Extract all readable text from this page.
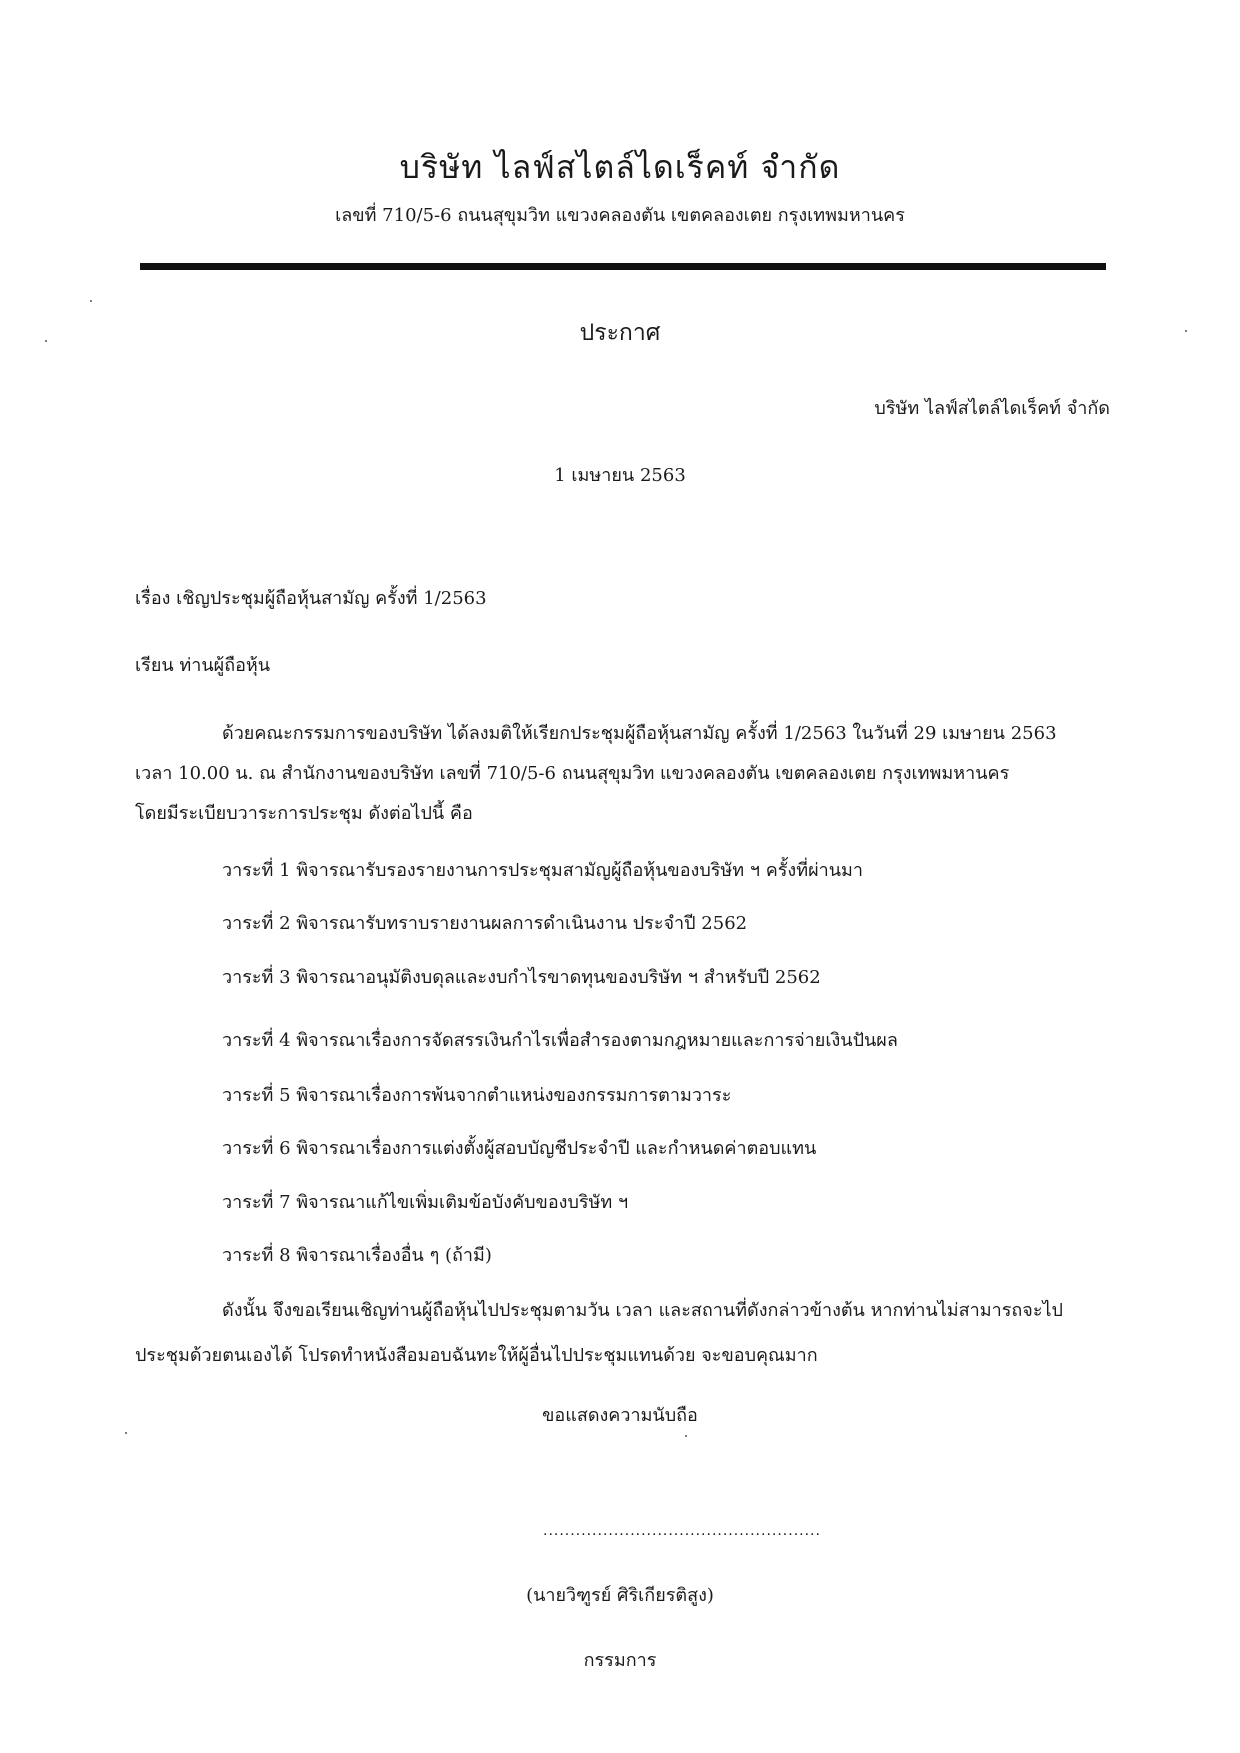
บริษัท ไลฟ์สไตล์ไดเร็คท์ จำกัด
เลขที่ 710/5-6 ถนนสุขุมวิท แขวงคลองตัน เขตคลองเตย กรุงเทพมหานคร
ประกาศ
บริษัท ไลฟ์สไตล์ไดเร็คท์ จำกัด
1 เมษายน 2563
เรื่อง เชิญประชุมผู้ถือหุ้นสามัญ ครั้งที่ 1/2563
เรียน ท่านผู้ถือหุ้น
ด้วยคณะกรรมการของบริษัท ได้ลงมติให้เรียกประชุมผู้ถือหุ้นสามัญ ครั้งที่ 1/2563 ในวันที่ 29 เมษายน 2563
เวลา 10.00 น. ณ สำนักงานของบริษัท เลขที่ 710/5-6 ถนนสุขุมวิท แขวงคลองตัน เขตคลองเตย กรุงเทพมหานคร
โดยมีระเบียบวาระการประชุม ดังต่อไปนี้ คือ
วาระที่ 1 พิจารณารับรองรายงานการประชุมสามัญผู้ถือหุ้นของบริษัท ฯ ครั้งที่ผ่านมา
วาระที่ 2 พิจารณารับทราบรายงานผลการดำเนินงาน ประจำปี 2562
วาระที่ 3 พิจารณาอนุมัติงบดุลและงบกำไรขาดทุนของบริษัท ฯ สำหรับปี 2562
วาระที่ 4 พิจารณาเรื่องการจัดสรรเงินกำไรเพื่อสำรองตามกฎหมายและการจ่ายเงินปันผล
วาระที่ 5 พิจารณาเรื่องการพ้นจากตำแหน่งของกรรมการตามวาระ
วาระที่ 6 พิจารณาเรื่องการแต่งตั้งผู้สอบบัญชีประจำปี และกำหนดค่าตอบแทน
วาระที่ 7 พิจารณาแก้ไขเพิ่มเติมข้อบังคับของบริษัท ฯ
วาระที่ 8 พิจารณาเรื่องอื่น ๆ (ถ้ามี)
ดังนั้น จึงขอเรียนเชิญท่านผู้ถือหุ้นไปประชุมตามวัน เวลา และสถานที่ดังกล่าวข้างต้น หากท่านไม่สามารถจะไป
ประชุมด้วยตนเองได้ โปรดทำหนังสือมอบฉันทะให้ผู้อื่นไปประชุมแทนด้วย จะขอบคุณมาก
ขอแสดงความนับถือ
...................................................
(นายวิฑูรย์ ศิริเกียรติสูง)
กรรมการ
